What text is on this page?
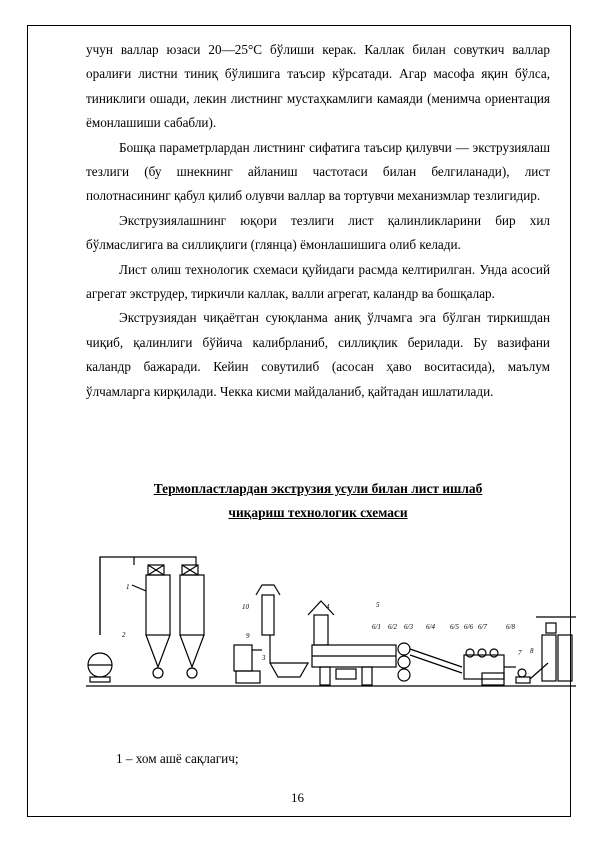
учун валлар юзаси 20—25°С бўлиши керак. Каллак билан совуткич валлар оралиғи листни тиниқ бўлишига таъсир кўрсатади. Агар масофа яқин бўлса, тиниклиги ошади, лекин листнинг мустаҳкамлиги камаяди (менимча ориентация ёмонлашиши сабабли).

Бошқа параметрлардан листнинг сифатига таъсир қилувчи — экструзиялаш тезлиги (бу шнекнинг айланиш частотаси билан белгиланади), лист полотнасининг қабул қилиб олувчи валлар ва тортувчи механизмлар тезлигидир.

Экструзиялашнинг юқори тезлиги лист қалинликларини бир хил бўлмаслигига ва силлиқлиги (глянца) ёмонлашишига олиб келади.

Лист олиш технологик схемаси қуйидаги расмда келтирилган. Унда асосий агрегат экструдер, тиркичли каллак, валли агрегат, каландр ва бошқалар.

Экструзиядан чиқаётган суюқланма аниқ ўлчамга эга бўлган тиркишдан чиқиб, қалинлиги бўйича калибрланиб, силлиқлик берилади. Бу вазифани каландр бажаради. Кейин совутилиб (асосан ҳаво воситасида), маълум ўлчамларга кирқилади. Чекка кисми майдаланиб, қайтадан ишлатилади.

Термопластлардан экструзия усули билан лист ишлаб
чиқариш технологик схемаси
1
2
3
4	5
9
10
6/1 6/2 6/3 6/4 6/5 6/6 6/7	6/8
7 8
1 – хом ашё сақлагич;
16
